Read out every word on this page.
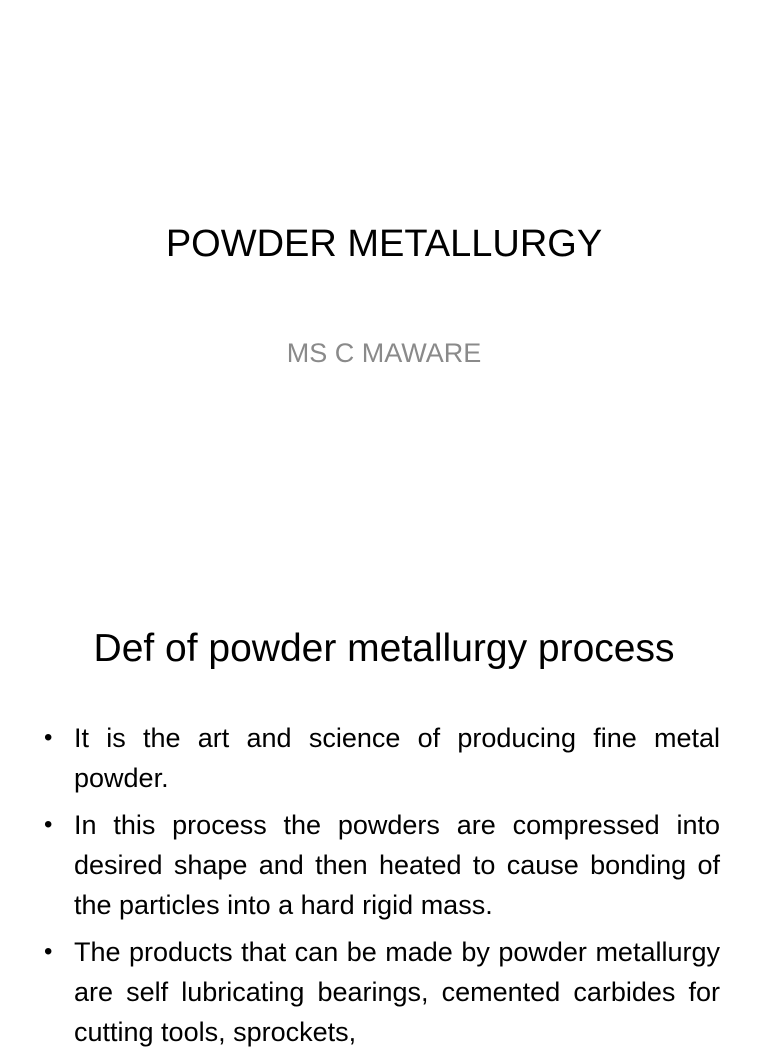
POWDER METALLURGY
MS C MAWARE
Def of powder metallurgy process
• It is the art and science of producing fine metal powder.
• In this process the powders are compressed into desired shape and then heated to cause bonding of the particles into a hard rigid mass.
• The products that can be made by powder metallurgy are self lubricating bearings, cemented carbides for cutting tools, sprockets,
